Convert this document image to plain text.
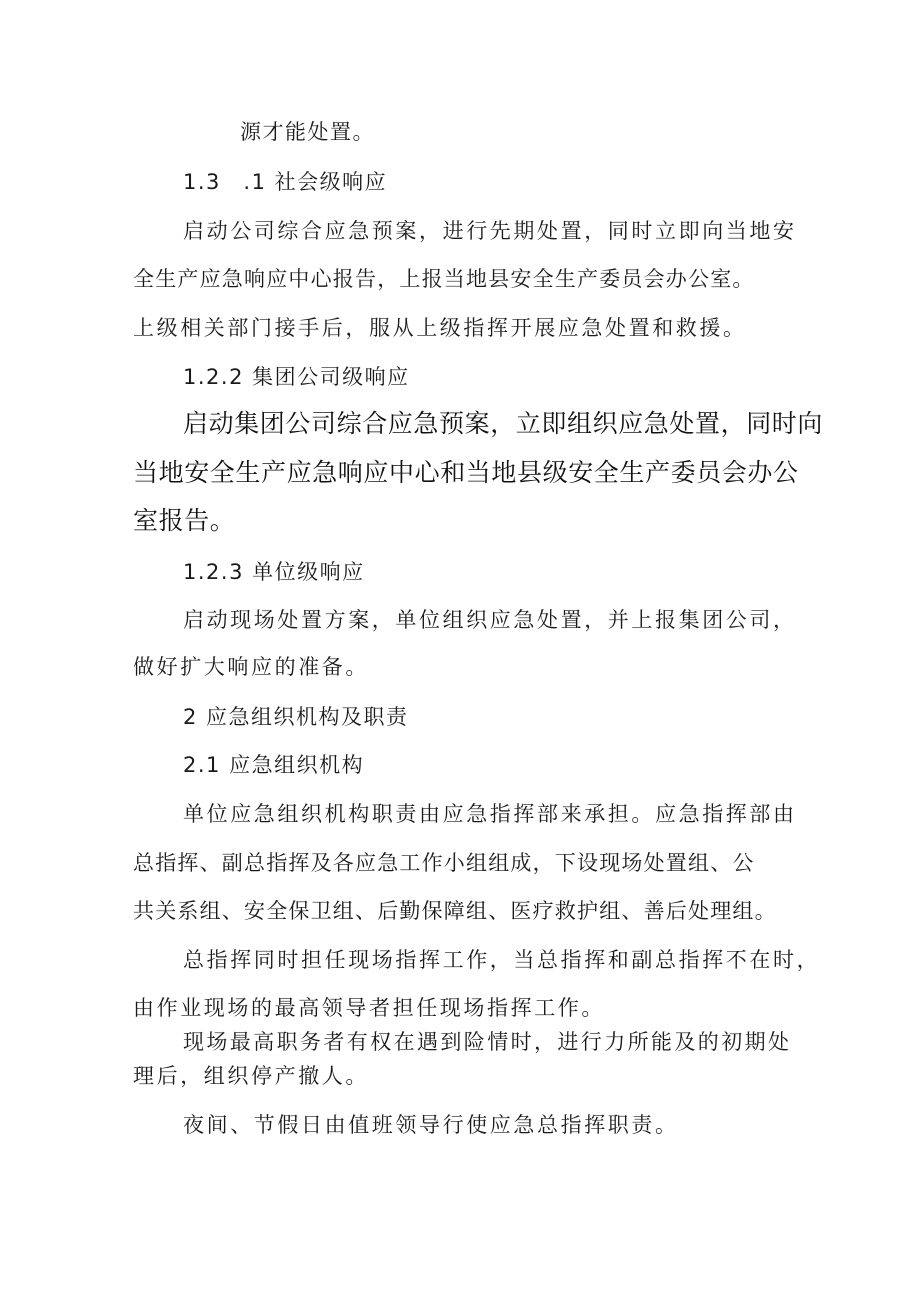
源才能处置。
1.3　.1 社会级响应
启动公司综合应急预案，进行先期处置，同时立即向当地安
全生产应急响应中心报告，上报当地县安全生产委员会办公室。
上级相关部门接手后，服从上级指挥开展应急处置和救援。
1.2.2 集团公司级响应
启动集团公司综合应急预案，立即组织应急处置，同时向
当地安全生产应急响应中心和当地县级安全生产委员会办公
室报告。
1.2.3 单位级响应
启动现场处置方案，单位组织应急处置，并上报集团公司，
做好扩大响应的准备。
2 应急组织机构及职责
2.1 应急组织机构
单位应急组织机构职责由应急指挥部来承担。应急指挥部由
总指挥、副总指挥及各应急工作小组组成，下设现场处置组、公
共关系组、安全保卫组、后勤保障组、医疗救护组、善后处理组。
总指挥同时担任现场指挥工作，当总指挥和副总指挥不在时，
由作业现场的最高领导者担任现场指挥工作。
现场最高职务者有权在遇到险情时，进行力所能及的初期处
理后，组织停产撤人。
夜间、节假日由值班领导行使应急总指挥职责。
